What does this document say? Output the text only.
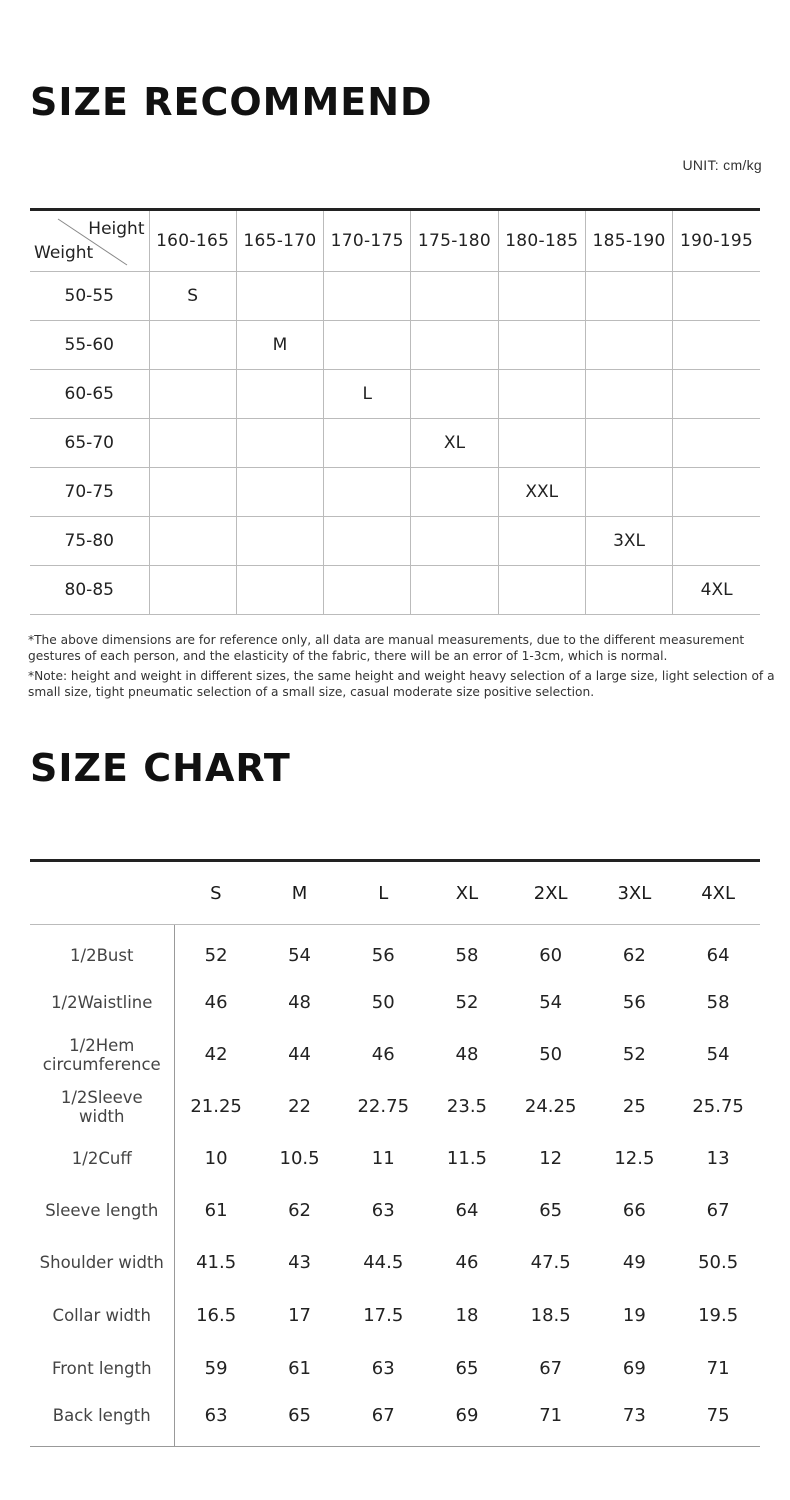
SIZE RECOMMEND
UNIT: cm/kg
Height
Weight	160-165	165-170	170-175	175-180	180-185	185-190	190-195
50-55	S						
55-60		M					
60-65			L				
65-70				XL			
70-75					XXL		
75-80						3XL	
80-85							4XL

*The above dimensions are for reference only, all data are manual measurements, due to the different measurement gestures of each person, and the elasticity of the fabric, there will be an error of 1-3cm, which is normal.

*Note: height and weight in different sizes, the same height and weight heavy selection of a large size, light selection of a small size, tight pneumatic selection of a small size, casual moderate size positive selection.

SIZE CHART
	S	M	L	XL	2XL	3XL	4XL
1/2Bust	52	54	56	58	60	62	64
1/2Waistline	46	48	50	52	54	56	58
1/2Hem circumference	42	44	46	48	50	52	54
1/2Sleeve width	21.25	22	22.75	23.5	24.25	25	25.75
1/2Cuff	10	10.5	11	11.5	12	12.5	13
Sleeve length	61	62	63	64	65	66	67
Shoulder width	41.5	43	44.5	46	47.5	49	50.5
Collar width	16.5	17	17.5	18	18.5	19	19.5
Front length	59	61	63	65	67	69	71
Back length	63	65	67	69	71	73	75
